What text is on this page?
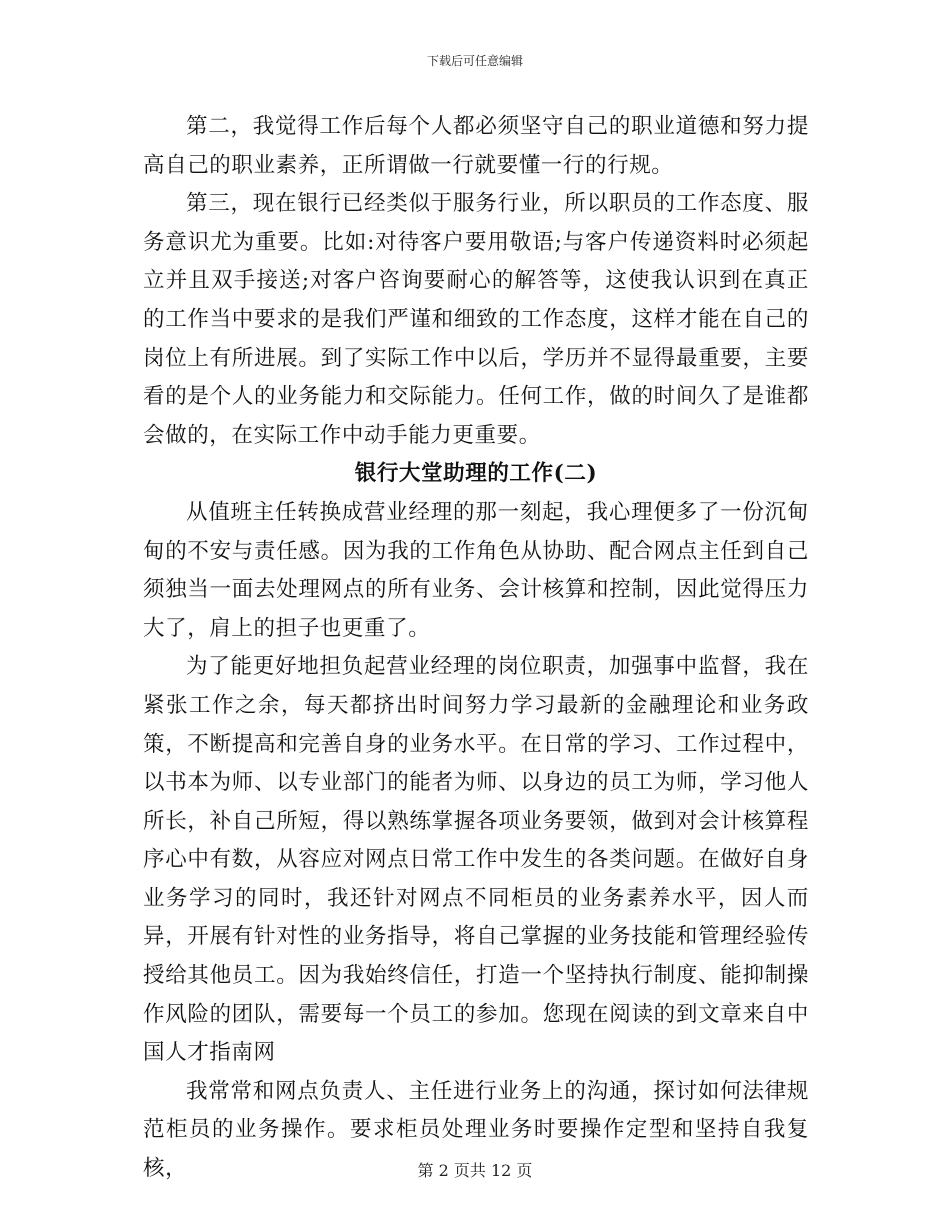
下载后可任意编辑

第二，我觉得工作后每个人都必须坚守自己的职业道德和努力提高自己的职业素养，正所谓做一行就要懂一行的行规。

第三，现在银行已经类似于服务行业，所以职员的工作态度、服务意识尤为重要。比如:对待客户要用敬语;与客户传递资料时必须起立并且双手接送;对客户咨询要耐心的解答等，这使我认识到在真正的工作当中要求的是我们严谨和细致的工作态度，这样才能在自己的岗位上有所进展。到了实际工作中以后，学历并不显得最重要，主要看的是个人的业务能力和交际能力。任何工作，做的时间久了是谁都会做的，在实际工作中动手能力更重要。

银行大堂助理的工作(二)

从值班主任转换成营业经理的那一刻起，我心理便多了一份沉甸甸的不安与责任感。因为我的工作角色从协助、配合网点主任到自己须独当一面去处理网点的所有业务、会计核算和控制，因此觉得压力大了，肩上的担子也更重了。

为了能更好地担负起营业经理的岗位职责，加强事中监督，我在紧张工作之余，每天都挤出时间努力学习最新的金融理论和业务政策，不断提高和完善自身的业务水平。在日常的学习、工作过程中，以书本为师、以专业部门的能者为师、以身边的员工为师，学习他人所长，补自己所短，得以熟练掌握各项业务要领，做到对会计核算程序心中有数，从容应对网点日常工作中发生的各类问题。在做好自身业务学习的同时，我还针对网点不同柜员的业务素养水平，因人而异，开展有针对性的业务指导，将自己掌握的业务技能和管理经验传授给其他员工。因为我始终信任，打造一个坚持执行制度、能抑制操作风险的团队，需要每一个员工的参加。您现在阅读的到文章来自中国人才指南网

我常常和网点负责人、主任进行业务上的沟通，探讨如何法律规范柜员的业务操作。要求柜员处理业务时要操作定型和坚持自我复核，	第 2 页共 12 页
